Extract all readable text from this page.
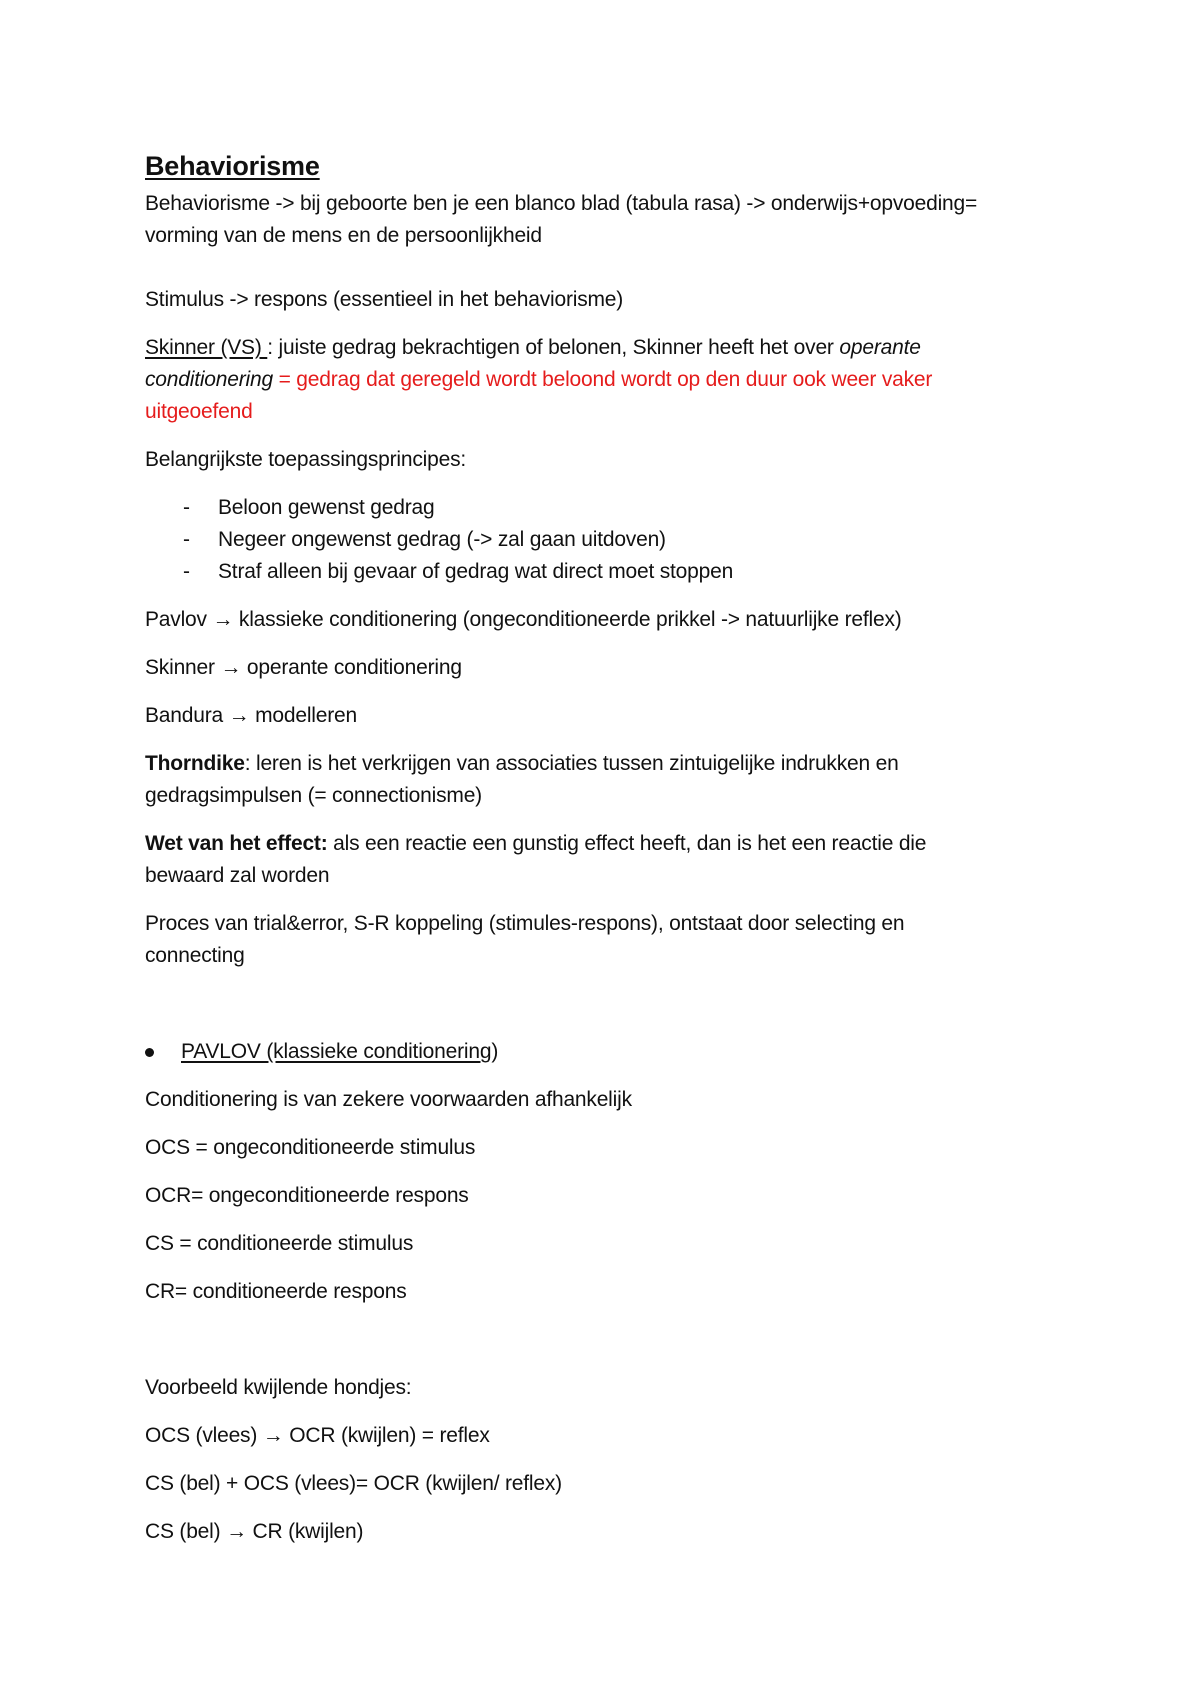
Behaviorisme
Behaviorisme -> bij geboorte ben je een blanco blad (tabula rasa) -> onderwijs+opvoeding=
vorming van de mens en de persoonlijkheid
Stimulus -> respons (essentieel in het behaviorisme)
Skinner (VS) : juiste gedrag bekrachtigen of belonen, Skinner heeft het over operante
conditionering = gedrag dat geregeld wordt beloond wordt op den duur ook weer vaker
uitgeoefend
Belangrijkste toepassingsprincipes:
- Beloon gewenst gedrag
- Negeer ongewenst gedrag (-> zal gaan uitdoven)
- Straf alleen bij gevaar of gedrag wat direct moet stoppen
Pavlov → klassieke conditionering (ongeconditioneerde prikkel -> natuurlijke reflex)
Skinner → operante conditionering
Bandura → modelleren
Thorndike: leren is het verkrijgen van associaties tussen zintuigelijke indrukken en
gedragsimpulsen (= connectionisme)
Wet van het effect: als een reactie een gunstig effect heeft, dan is het een reactie die
bewaard zal worden
Proces van trial&error, S-R koppeling (stimules-respons), ontstaat door selecting en
connecting
PAVLOV (klassieke conditionering)
Conditionering is van zekere voorwaarden afhankelijk
OCS = ongeconditioneerde stimulus
OCR= ongeconditioneerde respons
CS = conditioneerde stimulus
CR= conditioneerde respons
Voorbeeld kwijlende hondjes:
OCS (vlees) → OCR (kwijlen) = reflex
CS (bel) + OCS (vlees)= OCR (kwijlen/ reflex)
CS (bel) → CR (kwijlen)
